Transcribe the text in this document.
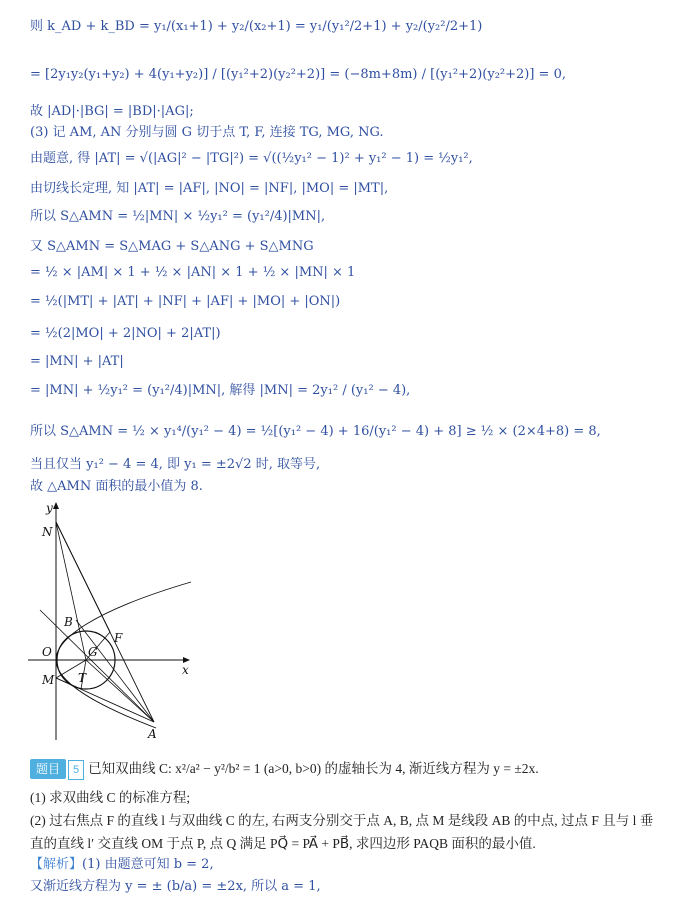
则 k_AD + k_BD = y₁/(x₁+1) + y₂/(x₂+1) = y₁/(y₁²/2+1) + y₂/(y₂²/2+1)
= [2y₁y₂(y₁+y₂) + 4(y₁+y₂)] / [(y₁²+2)(y₂²+2)] = (−8m+8m) / [(y₁²+2)(y₂²+2)] = 0,
故 |AD|·|BG| = |BD|·|AG|;
(3) 记 AM, AN 分别与圆 G 切于点 T, F, 连接 TG, MG, NG.
由题意, 得 |AT| = √(|AG|² − |TG|²) = √((½y₁² − 1)² + y₁² − 1) = ½y₁²,
由切线长定理, 知 |AT| = |AF|, |NO| = |NF|, |MO| = |MT|,
所以 S△AMN = ½|MN| × ½y₁² = (y₁²/4)|MN|,
又 S△AMN = S△MAG + S△ANG + S△MNG
= ½ × |AM| × 1 + ½ × |AN| × 1 + ½ × |MN| × 1
= ½(|MT| + |AT| + |NF| + |AF| + |MO| + |ON|)
= ½(2|MO| + 2|NO| + 2|AT|)
= |MN| + |AT|
= |MN| + ½y₁² = (y₁²/4)|MN|, 解得 |MN| = 2y₁² / (y₁² − 4),
所以 S△AMN = ½ × y₁⁴/(y₁² − 4) = ½[(y₁² − 4) + 16/(y₁² − 4) + 8] ≥ ½ × (2×4+8) = 8,
当且仅当 y₁² − 4 = 4, 即 y₁ = ±2√2 时, 取等号,
故 △AMN 面积的最小值为 8.
y
x
N
B
F
O	G
M T
A
题目 5 已知双曲线 C: x²/a² − y²/b² = 1 (a>0, b>0) 的虚轴长为 4, 渐近线方程为 y = ±2x.
(1) 求双曲线 C 的标准方程;
(2) 过右焦点 F 的直线 l 与双曲线 C 的左, 右两支分别交于点 A, B, 点 M 是线段 AB 的中点, 过点 F 且与 l 垂
直的直线 l′ 交直线 OM 于点 P, 点 Q 满足 PQ⃗ = PA⃗ + PB⃗, 求四边形 PAQB 面积的最小值.
【解析】(1) 由题意可知 b = 2,
又渐近线方程为 y = ± (b/a) = ±2x, 所以 a = 1,
